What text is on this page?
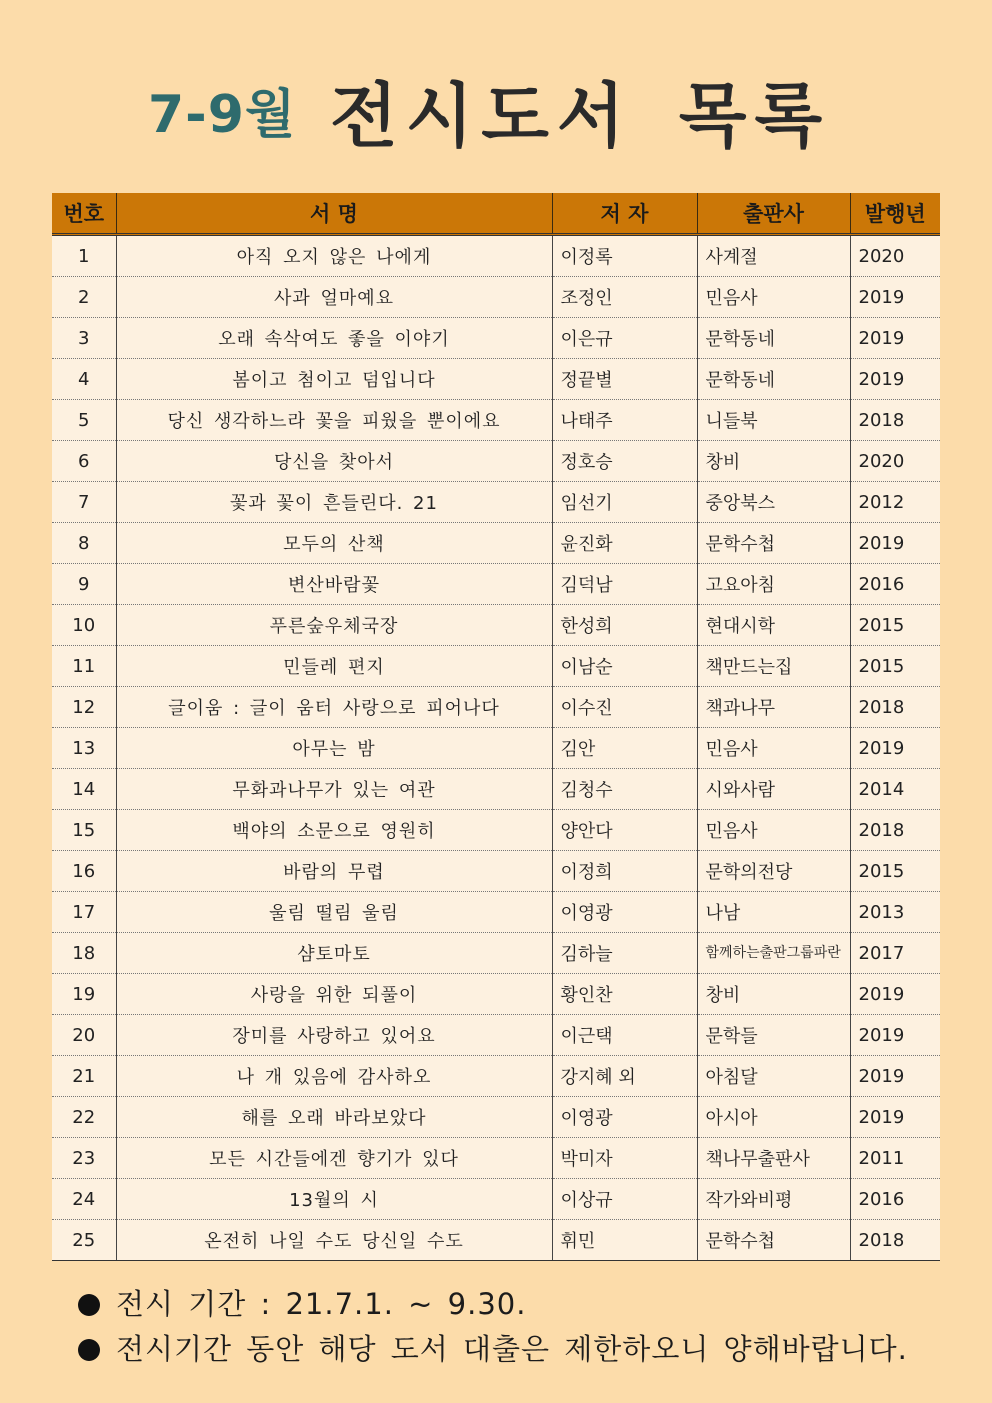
7-9월 전시도서 목록
번호	서 명	저 자	출판사	발행년
1	아직 오지 않은 나에게	이정록	사계절	2020
2	사과 얼마예요	조정인	민음사	2019
3	오래 속삭여도 좋을 이야기	이은규	문학동네	2019
4	봄이고 첨이고 덤입니다	정끝별	문학동네	2019
5	당신 생각하느라 꽃을 피웠을 뿐이에요	나태주	니들북	2018
6	당신을 찾아서	정호승	창비	2020
7	꽃과 꽃이 흔들린다. 21	임선기	중앙북스	2012
8	모두의 산책	윤진화	문학수첩	2019
9	변산바람꽃	김덕남	고요아침	2016
10	푸른숲우체국장	한성희	현대시학	2015
11	민들레 편지	이남순	책만드는집	2015
12	글이움 : 글이 움터 사랑으로 피어나다	이수진	책과나무	2018
13	아무는 밤	김안	민음사	2019
14	무화과나무가 있는 여관	김청수	시와사람	2014
15	백야의 소문으로 영원히	양안다	민음사	2018
16	바람의 무렵	이정희	문학의전당	2015
17	울림 떨림 울림	이영광	나남	2013
18	샴토마토	김하늘	함께하는출판그룹파란	2017
19	사랑을 위한 되풀이	황인찬	창비	2019
20	장미를 사랑하고 있어요	이근택	문학들	2019
21	나 개 있음에 감사하오	강지혜 외	아침달	2019
22	해를 오래 바라보았다	이영광	아시아	2019
23	모든 시간들에겐 향기가 있다	박미자	책나무출판사	2011
24	13월의 시	이상규	작가와비평	2016
25	온전히 나일 수도 당신일 수도	휘민	문학수첩	2018
전시 기간 : 21.7.1. ~ 9.30.
전시기간 동안 해당 도서 대출은 제한하오니 양해바랍니다.
